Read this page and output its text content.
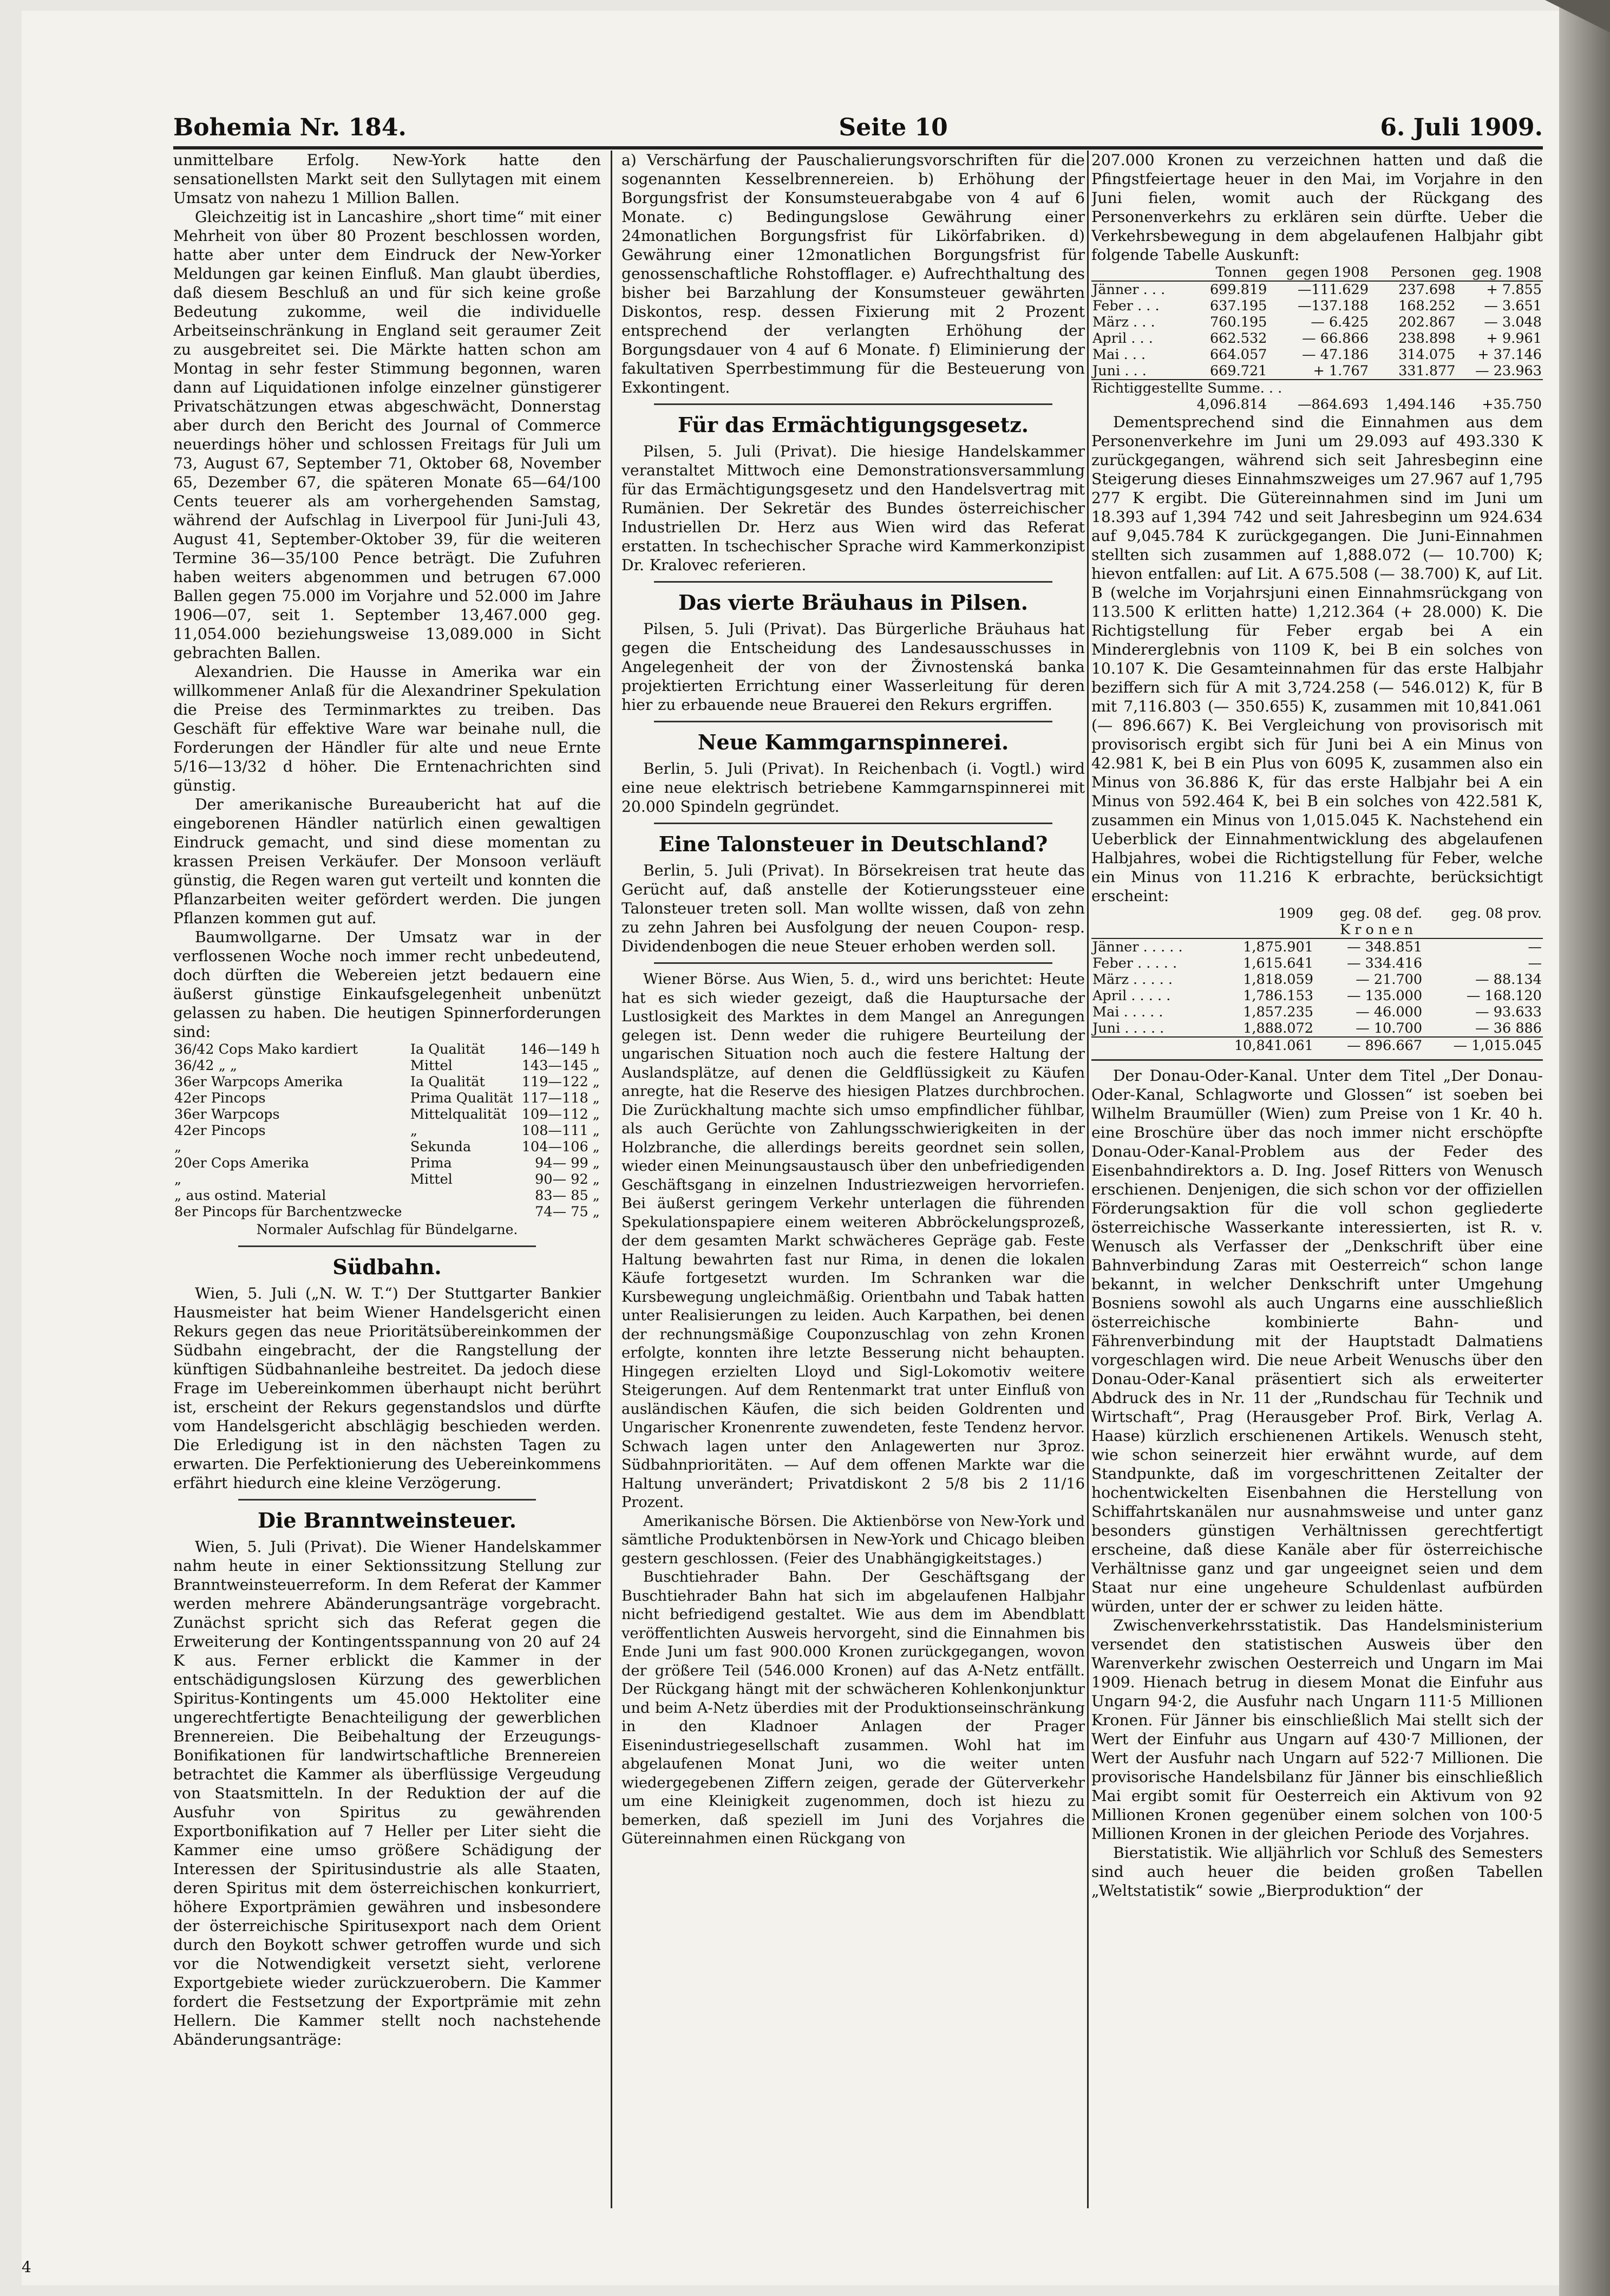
Bohemia Nr. 184.	Seite 10	6. Juli 1909.

unmittelbare Erfolg. New-York hatte den sensationellsten Markt seit den Sullytagen mit einem Umsatz von nahezu 1 Million Ballen.

Gleichzeitig ist in Lancashire „short time“ mit einer Mehrheit von über 80 Prozent beschlossen worden, hatte aber unter dem Eindruck der New-Yorker Meldungen gar keinen Einfluß. Man glaubt überdies, daß diesem Beschluß an und für sich keine große Bedeutung zukomme, weil die individuelle Arbeitseinschränkung in England seit geraumer Zeit zu ausgebreitet sei. Die Märkte hatten schon am Montag in sehr fester Stimmung begonnen, waren dann auf Liquidationen infolge einzelner günstigerer Privatschätzungen etwas abgeschwächt, Donnerstag aber durch den Bericht des Journal of Commerce neuerdings höher und schlossen Freitags für Juli um 73, August 67, September 71, Oktober 68, November 65, Dezember 67, die späteren Monate 65—64/100 Cents teuerer als am vorhergehenden Samstag, während der Aufschlag in Liverpool für Juni-Juli 43, August 41, September-Oktober 39, für die weiteren Termine 36—35/100 Pence beträgt. Die Zufuhren haben weiters abgenommen und betrugen 67.000 Ballen gegen 75.000 im Vorjahre und 52.000 im Jahre 1906—07, seit 1. September 13,467.000 geg. 11,054.000 beziehungsweise 13,089.000 in Sicht gebrachten Ballen.

Alexandrien. Die Hausse in Amerika war ein willkommener Anlaß für die Alexandriner Spekulation die Preise des Terminmarktes zu treiben. Das Geschäft für effektive Ware war beinahe null, die Forderungen der Händler für alte und neue Ernte 5/16—13/32 d höher. Die Erntenachrichten sind günstig.

Der amerikanische Bureaubericht hat auf die eingeborenen Händler natürlich einen gewaltigen Eindruck gemacht, und sind diese momentan zu krassen Preisen Verkäufer. Der Monsoon verläuft günstig, die Regen waren gut verteilt und konnten die Pflanzarbeiten weiter gefördert werden. Die jungen Pflanzen kommen gut auf.

Baumwollgarne. Der Umsatz war in der verflossenen Woche noch immer recht unbedeutend, doch dürften die Webereien jetzt bedauern eine äußerst günstige Einkaufsgelegenheit unbenützt gelassen zu haben. Die heutigen Spinnerforderungen sind:

36/42 Cops Mako kardiert	Ia Qualität	146—149 h
36/42 „ „	Mittel	143—145 „
36er Warpcops Amerika	Ia Qualität	119—122 „
42er Pincops	Prima Qualität	117—118 „
36er Warpcops	Mittelqualität	109—112 „
42er Pincops	„	108—111 „
„	Sekunda	104—106 „
20er Cops Amerika	Prima	94— 99 „
„	Mittel	90— 92 „
„ aus ostind. Material		83— 85 „
8er Pincops für Barchentzwecke		74— 75 „

Normaler Aufschlag für Bündelgarne.

Südbahn.

Wien, 5. Juli („N. W. T.“) Der Stuttgarter Bankier Hausmeister hat beim Wiener Handelsgericht einen Rekurs gegen das neue Prioritätsübereinkommen der Südbahn eingebracht, der die Rangstellung der künftigen Südbahnanleihe bestreitet. Da jedoch diese Frage im Uebereinkommen überhaupt nicht berührt ist, erscheint der Rekurs gegenstandslos und dürfte vom Handelsgericht abschlägig beschieden werden. Die Erledigung ist in den nächsten Tagen zu erwarten. Die Perfektionierung des Uebereinkommens erfährt hiedurch eine kleine Verzögerung.

Die Branntweinsteuer.

Wien, 5. Juli (Privat). Die Wiener Handelskammer nahm heute in einer Sektionssitzung Stellung zur Branntweinsteuerreform. In dem Referat der Kammer werden mehrere Abänderungsanträge vorgebracht. Zunächst spricht sich das Referat gegen die Erweiterung der Kontingentsspannung von 20 auf 24 K aus. Ferner erblickt die Kammer in der entschädigungslosen Kürzung des gewerblichen Spiritus-Kontingents um 45.000 Hektoliter eine ungerechtfertigte Benachteiligung der gewerblichen Brennereien. Die Beibehaltung der Erzeugungs-Bonifikationen für landwirtschaftliche Brennereien betrachtet die Kammer als überflüssige Vergeudung von Staatsmitteln. In der Reduktion der auf die Ausfuhr von Spiritus zu gewährenden Exportbonifikation auf 7 Heller per Liter sieht die Kammer eine umso größere Schädigung der Interessen der Spiritusindustrie als alle Staaten, deren Spiritus mit dem österreichischen konkurriert, höhere Exportprämien gewähren und insbesondere der österreichische Spiritusexport nach dem Orient durch den Boykott schwer getroffen wurde und sich vor die Notwendigkeit versetzt sieht, verlorene Exportgebiete wieder zurückzuerobern. Die Kammer fordert die Festsetzung der Exportprämie mit zehn Hellern. Die Kammer stellt noch nachstehende Abänderungsanträge:

a) Verschärfung der Pauschalierungsvorschriften für die sogenannten Kesselbrennereien. b) Erhöhung der Borgungsfrist der Konsumsteuerabgabe von 4 auf 6 Monate. c) Bedingungslose Gewährung einer 24monatlichen Borgungsfrist für Likörfabriken. d) Gewährung einer 12monatlichen Borgungsfrist für genossenschaftliche Rohstofflager. e) Aufrechthaltung des bisher bei Barzahlung der Konsumsteuer gewährten Diskontos, resp. dessen Fixierung mit 2 Prozent entsprechend der verlangten Erhöhung der Borgungsdauer von 4 auf 6 Monate. f) Eliminierung der fakultativen Sperrbestimmung für die Besteuerung von Exkontingent.

Für das Ermächtigungsgesetz.

Pilsen, 5. Juli (Privat). Die hiesige Handelskammer veranstaltet Mittwoch eine Demonstrationsversammlung für das Ermächtigungsgesetz und den Handelsvertrag mit Rumänien. Der Sekretär des Bundes österreichischer Industriellen Dr. Herz aus Wien wird das Referat erstatten. In tschechischer Sprache wird Kammerkonzipist Dr. Kralovec referieren.

Das vierte Bräuhaus in Pilsen.

Pilsen, 5. Juli (Privat). Das Bürgerliche Bräuhaus hat gegen die Entscheidung des Landesausschusses in Angelegenheit der von der Živnostenská banka projektierten Errichtung einer Wasserleitung für deren hier zu erbauende neue Brauerei den Rekurs ergriffen.

Neue Kammgarnspinnerei.

Berlin, 5. Juli (Privat). In Reichenbach (i. Vogtl.) wird eine neue elektrisch betriebene Kammgarnspinnerei mit 20.000 Spindeln gegründet.

Eine Talonsteuer in Deutschland?

Berlin, 5. Juli (Privat). In Börsekreisen trat heute das Gerücht auf, daß anstelle der Kotierungssteuer eine Talonsteuer treten soll. Man wollte wissen, daß von zehn zu zehn Jahren bei Ausfolgung der neuen Coupon- resp. Dividendenbogen die neue Steuer erhoben werden soll.

Wiener Börse. Aus Wien, 5. d., wird uns berichtet: Heute hat es sich wieder gezeigt, daß die Hauptursache der Lustlosigkeit des Marktes in dem Mangel an Anregungen gelegen ist. Denn weder die ruhigere Beurteilung der ungarischen Situation noch auch die festere Haltung der Auslandsplätze, auf denen die Geldflüssigkeit zu Käufen anregte, hat die Reserve des hiesigen Platzes durchbrochen. Die Zurückhaltung machte sich umso empfindlicher fühlbar, als auch Gerüchte von Zahlungsschwierigkeiten in der Holzbranche, die allerdings bereits geordnet sein sollen, wieder einen Meinungsaustausch über den unbefriedigenden Geschäftsgang in einzelnen Industriezweigen hervorriefen. Bei äußerst geringem Verkehr unterlagen die führenden Spekulationspapiere einem weiteren Abbröckelungsprozeß, der dem gesamten Markt schwächeres Gepräge gab. Feste Haltung bewahrten fast nur Rima, in denen die lokalen Käufe fortgesetzt wurden. Im Schranken war die Kursbewegung ungleichmäßig. Orientbahn und Tabak hatten unter Realisierungen zu leiden. Auch Karpathen, bei denen der rechnungsmäßige Couponzuschlag von zehn Kronen erfolgte, konnten ihre letzte Besserung nicht behaupten. Hingegen erzielten Lloyd und Sigl-Lokomotiv weitere Steigerungen. Auf dem Rentenmarkt trat unter Einfluß von ausländischen Käufen, die sich beiden Goldrenten und Ungarischer Kronenrente zuwendeten, feste Tendenz hervor. Schwach lagen unter den Anlagewerten nur 3proz. Südbahnprioritäten. — Auf dem offenen Markte war die Haltung unverändert; Privatdiskont 2 5/8 bis 2 11/16 Prozent.

Amerikanische Börsen. Die Aktienbörse von New-York und sämtliche Produktenbörsen in New-York und Chicago bleiben gestern geschlossen. (Feier des Unabhängigkeitstages.)

Buschtiehrader Bahn. Der Geschäftsgang der Buschtiehrader Bahn hat sich im abgelaufenen Halbjahr nicht befriedigend gestaltet. Wie aus dem im Abendblatt veröffentlichten Ausweis hervorgeht, sind die Einnahmen bis Ende Juni um fast 900.000 Kronen zurückgegangen, wovon der größere Teil (546.000 Kronen) auf das A-Netz entfällt. Der Rückgang hängt mit der schwächeren Kohlenkonjunktur und beim A-Netz überdies mit der Produktionseinschränkung in den Kladnoer Anlagen der Prager Eisenindustriegesellschaft zusammen. Wohl hat im abgelaufenen Monat Juni, wo die weiter unten wiedergegebenen Ziffern zeigen, gerade der Güterverkehr um eine Kleinigkeit zugenommen, doch ist hiezu zu bemerken, daß speziell im Juni des Vorjahres die Gütereinnahmen einen Rückgang von

207.000 Kronen zu verzeichnen hatten und daß die Pfingstfeiertage heuer in den Mai, im Vorjahre in den Juni fielen, womit auch der Rückgang des Personenverkehrs zu erklären sein dürfte. Ueber die Verkehrsbewegung in dem abgelaufenen Halbjahr gibt folgende Tabelle Auskunft:

	Tonnen	gegen 1908	Personen	geg. 1908
Jänner . . .	699.819	—111.629	237.698	+ 7.855
Feber . . .	637.195	—137.188	168.252	— 3.651
März . . .	760.195	— 6.425	202.867	— 3.048
April . . .	662.532	— 66.866	238.898	+ 9.961
Mai . . .	664.057	— 47.186	314.075	+ 37.146
Juni . . .	669.721	+ 1.767	331.877	— 23.963
Richtiggestellte Summe. . .				
	4,096.814	—864.693	1,494.146	+35.750

Dementsprechend sind die Einnahmen aus dem Personenverkehre im Juni um 29.093 auf 493.330 K zurückgegangen, während sich seit Jahresbeginn eine Steigerung dieses Einnahmszweiges um 27.967 auf 1,795 277 K ergibt. Die Gütereinnahmen sind im Juni um 18.393 auf 1,394 742 und seit Jahresbeginn um 924.634 auf 9,045.784 K zurückgegangen. Die Juni-Einnahmen stellten sich zusammen auf 1,888.072 (— 10.700) K; hievon entfallen: auf Lit. A 675.508 (— 38.700) K, auf Lit. B (welche im Vorjahrsjuni einen Einnahmsrückgang von 113.500 K erlitten hatte) 1,212.364 (+ 28.000) K. Die Richtigstellung für Feber ergab bei A ein Mindererglebnis von 1109 K, bei B ein solches von 10.107 K. Die Gesamteinnahmen für das erste Halbjahr beziffern sich für A mit 3,724.258 (— 546.012) K, für B mit 7,116.803 (— 350.655) K, zusammen mit 10,841.061 (— 896.667) K. Bei Vergleichung von provisorisch mit provisorisch ergibt sich für Juni bei A ein Minus von 42.981 K, bei B ein Plus von 6095 K, zusammen also ein Minus von 36.886 K, für das erste Halbjahr bei A ein Minus von 592.464 K, bei B ein solches von 422.581 K, zusammen ein Minus von 1,015.045 K. Nachstehend ein Ueberblick der Einnahmentwicklung des abgelaufenen Halbjahres, wobei die Richtigstellung für Feber, welche ein Minus von 11.216 K erbrachte, berücksichtigt erscheint:

	1909	geg. 08 def.	geg. 08 prov.
	K r o n e n		
Jänner . . . . .	1,875.901	— 348.851	—
Feber . . . . .	1,615.641	— 334.416	—
März . . . . .	1,818.059	— 21.700	— 88.134
April . . . . .	1,786.153	— 135.000	— 168.120
Mai . . . . .	1,857.235	— 46.000	— 93.633
Juni . . . . .	1,888.072	— 10.700	— 36 886
	10,841.061	— 896.667	— 1,015.045

Der Donau-Oder-Kanal. Unter dem Titel „Der Donau-Oder-Kanal, Schlagworte und Glossen“ ist soeben bei Wilhelm Braumüller (Wien) zum Preise von 1 Kr. 40 h. eine Broschüre über das noch immer nicht erschöpfte Donau-Oder-Kanal-Problem aus der Feder des Eisenbahndirektors a. D. Ing. Josef Ritters von Wenusch erschienen. Denjenigen, die sich schon vor der offiziellen Förderungsaktion für die voll schon gegliederte österreichische Wasserkante interessierten, ist R. v. Wenusch als Verfasser der „Denkschrift über eine Bahnverbindung Zaras mit Oesterreich“ schon lange bekannt, in welcher Denkschrift unter Umgehung Bosniens sowohl als auch Ungarns eine ausschließlich österreichische kombinierte Bahn- und Fährenverbindung mit der Hauptstadt Dalmatiens vorgeschlagen wird. Die neue Arbeit Wenuschs über den Donau-Oder-Kanal präsentiert sich als erweiterter Abdruck des in Nr. 11 der „Rundschau für Technik und Wirtschaft“, Prag (Herausgeber Prof. Birk, Verlag A. Haase) kürzlich erschienenen Artikels. Wenusch steht, wie schon seinerzeit hier erwähnt wurde, auf dem Standpunkte, daß im vorgeschrittenen Zeitalter der hochentwickelten Eisenbahnen die Herstellung von Schiffahrtskanälen nur ausnahmsweise und unter ganz besonders günstigen Verhältnissen gerechtfertigt erscheine, daß diese Kanäle aber für österreichische Verhältnisse ganz und gar ungeeignet seien und dem Staat nur eine ungeheure Schuldenlast aufbürden würden, unter der er schwer zu leiden hätte.

Zwischenverkehrsstatistik. Das Handelsministerium versendet den statistischen Ausweis über den Warenverkehr zwischen Oesterreich und Ungarn im Mai 1909. Hienach betrug in diesem Monat die Einfuhr aus Ungarn 94·2, die Ausfuhr nach Ungarn 111·5 Millionen Kronen. Für Jänner bis einschließlich Mai stellt sich der Wert der Einfuhr aus Ungarn auf 430·7 Millionen, der Wert der Ausfuhr nach Ungarn auf 522·7 Millionen. Die provisorische Handelsbilanz für Jänner bis einschließlich Mai ergibt somit für Oesterreich ein Aktivum von 92 Millionen Kronen gegenüber einem solchen von 100·5 Millionen Kronen in der gleichen Periode des Vorjahres.

Bierstatistik. Wie alljährlich vor Schluß des Semesters sind auch heuer die beiden großen Tabellen „Weltstatistik“ sowie „Bierproduktion“ der

4
